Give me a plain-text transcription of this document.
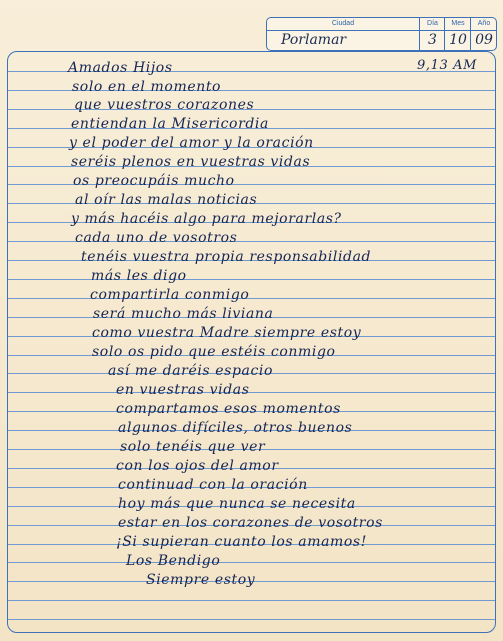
Ciudad
Porlamar
Día
3
Mes
10
Año
09
9,13 AM
Amados Hijos
solo en el momento
que vuestros corazones
entiendan la Misericordia
y el poder del amor y la oración
seréis plenos en vuestras vidas
os preocupáis mucho
al oír las malas noticias
y más hacéis algo para mejorarlas?
cada uno de vosotros
tenéis vuestra propia responsabilidad
más les digo
compartirla conmigo
será mucho más liviana
como vuestra Madre siempre estoy
solo os pido que estéis conmigo
así me daréis espacio
en vuestras vidas
compartamos esos momentos
algunos difíciles, otros buenos
solo tenéis que ver
con los ojos del amor
continuad con la oración
hoy más que nunca se necesita
estar en los corazones de vosotros
¡Si supieran cuanto los amamos!
Los Bendigo
Siempre estoy
